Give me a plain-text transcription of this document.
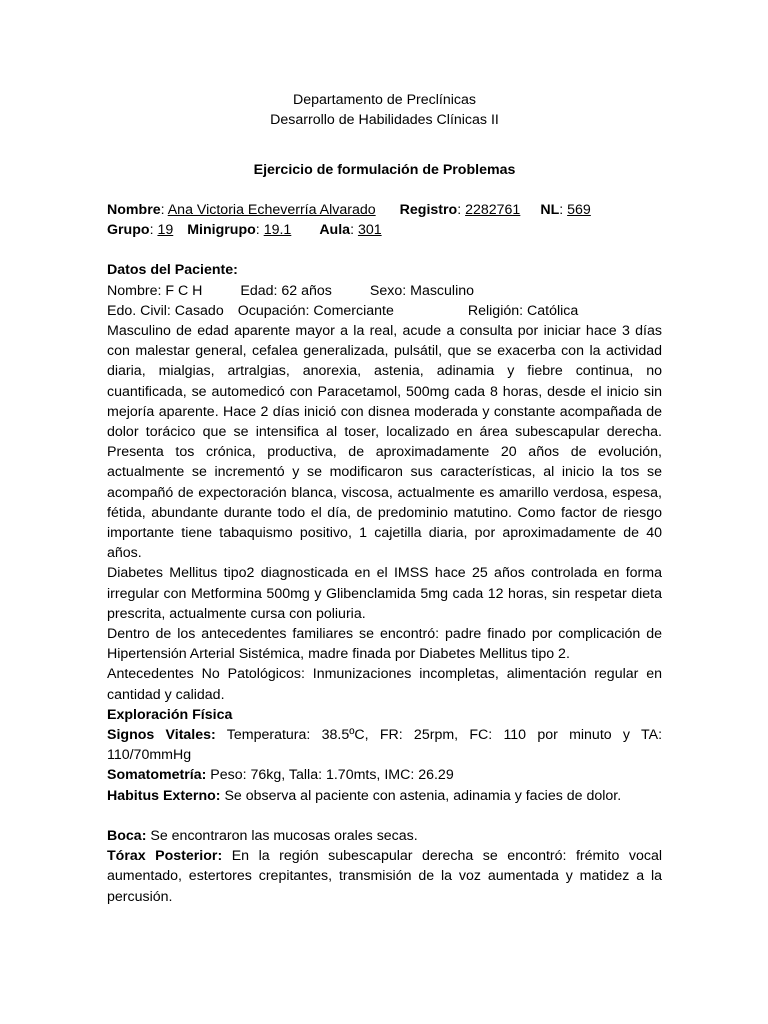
Departamento de Preclínicas

Desarrollo de Habilidades Clínicas II

Ejercicio de formulación de Problemas

Nombre: Ana Victoria Echeverría Alvarado Registro: 2282761 NL: 569

Grupo: 19 Minigrupo: 19.1 Aula: 301

Datos del Paciente:

Nombre: F C H	Edad: 62 años	Sexo: Masculino

Edo. Civil: Casado Ocupación: Comerciante	Religión: Católica

Masculino de edad aparente mayor a la real, acude a consulta por iniciar hace 3 días con malestar general, cefalea generalizada, pulsátil, que se exacerba con la actividad diaria, mialgias, artralgias, anorexia, astenia, adinamia y fiebre continua, no cuantificada, se automedicó con Paracetamol, 500mg cada 8 horas, desde el inicio sin mejoría aparente. Hace 2 días inició con disnea moderada y constante acompañada de dolor torácico que se intensifica al toser, localizado en área subescapular derecha. Presenta tos crónica, productiva, de aproximadamente 20 años de evolución, actualmente se incrementó y se modificaron sus características, al inicio la tos se acompañó de expectoración blanca, viscosa, actualmente es amarillo verdosa, espesa, fétida, abundante durante todo el día, de predominio matutino. Como factor de riesgo importante tiene tabaquismo positivo, 1 cajetilla diaria, por aproximadamente de 40 años.

Diabetes Mellitus tipo2 diagnosticada en el IMSS hace 25 años controlada en forma irregular con Metformina 500mg y Glibenclamida 5mg cada 12 horas, sin respetar dieta prescrita, actualmente cursa con poliuria.

Dentro de los antecedentes familiares se encontró: padre finado por complicación de Hipertensión Arterial Sistémica, madre finada por Diabetes Mellitus tipo 2.

Antecedentes No Patológicos: Inmunizaciones incompletas, alimentación regular en cantidad y calidad.

Exploración Física

Signos Vitales: Temperatura: 38.5ºC, FR: 25rpm, FC: 110 por minuto y TA: 110/70mmHg

Somatometría: Peso: 76kg, Talla: 1.70mts, IMC: 26.29

Habitus Externo: Se observa al paciente con astenia, adinamia y facies de dolor.

Boca: Se encontraron las mucosas orales secas.

Tórax Posterior: En la región subescapular derecha se encontró: frémito vocal aumentado, estertores crepitantes, transmisión de la voz aumentada y matidez a la percusión.
